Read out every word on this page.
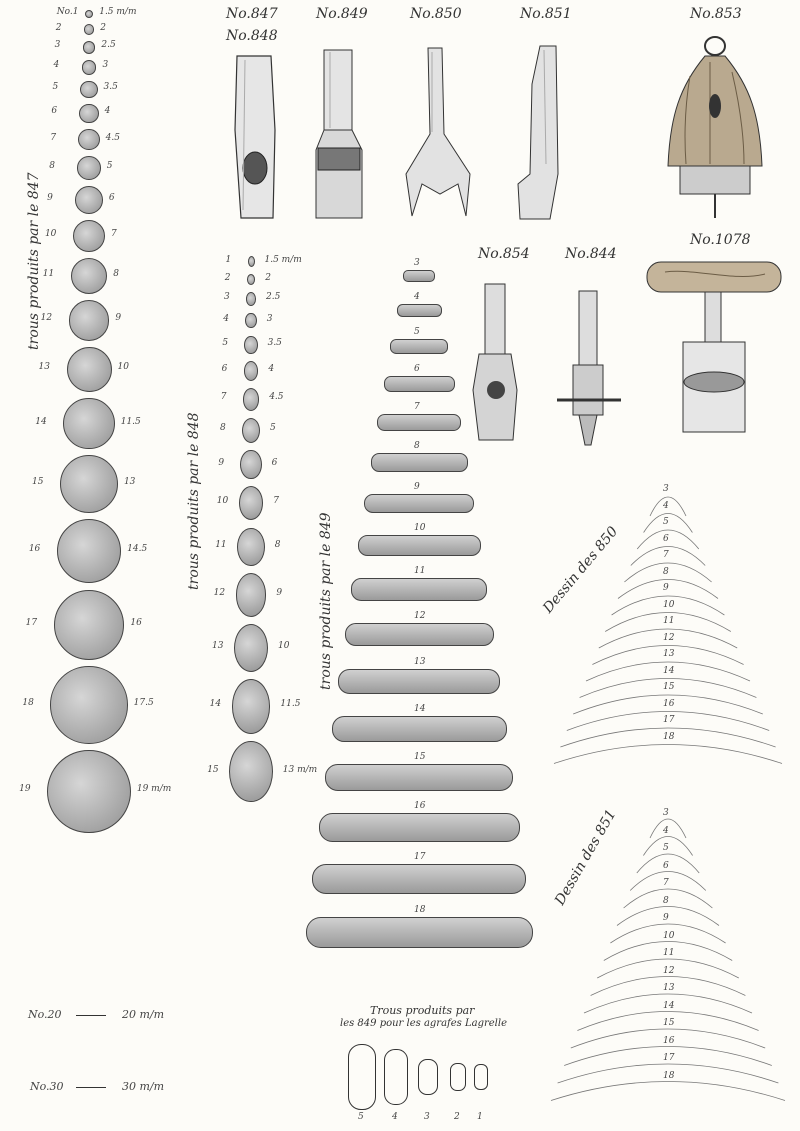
No.847
No.848
No.849	No.850	No.851	No.853
No.854	No.844
No.1078
trous produits par le 847
No.1 1.5 m/m
2	2
3	2.5
4	3
5	3.5
6	4
7	4.5
8	5
9	6
10	7
11	8
12	9
13	10
14	11.5
15	13
16	14.5
17	16
18	17.5
19	19 m/m
No.20	20 m/m
No.30	30 m/m
trous produits par le 848
1	1.5 m/m
2	2
3	2.5
4	3
5	3.5
6	4
7	4.5
8	5
9	6
10	7
11	8
12	9
13	10
14	11.5
15	13 m/m
trous produits par le 849
3
4
5
6
7
8
9
10
11
12
13
14
15
16
17
18
Trous produits par
les 849 pour les agrafes Lagrelle
5	4	3	2 1
Dessin des 850
3
4
5
6
7
8
9
10
11
12
13
14
15
16
17
18
Dessin des 851	3
4
5
6
7
8
9
10
11
12
13
14
15
16
17
18
